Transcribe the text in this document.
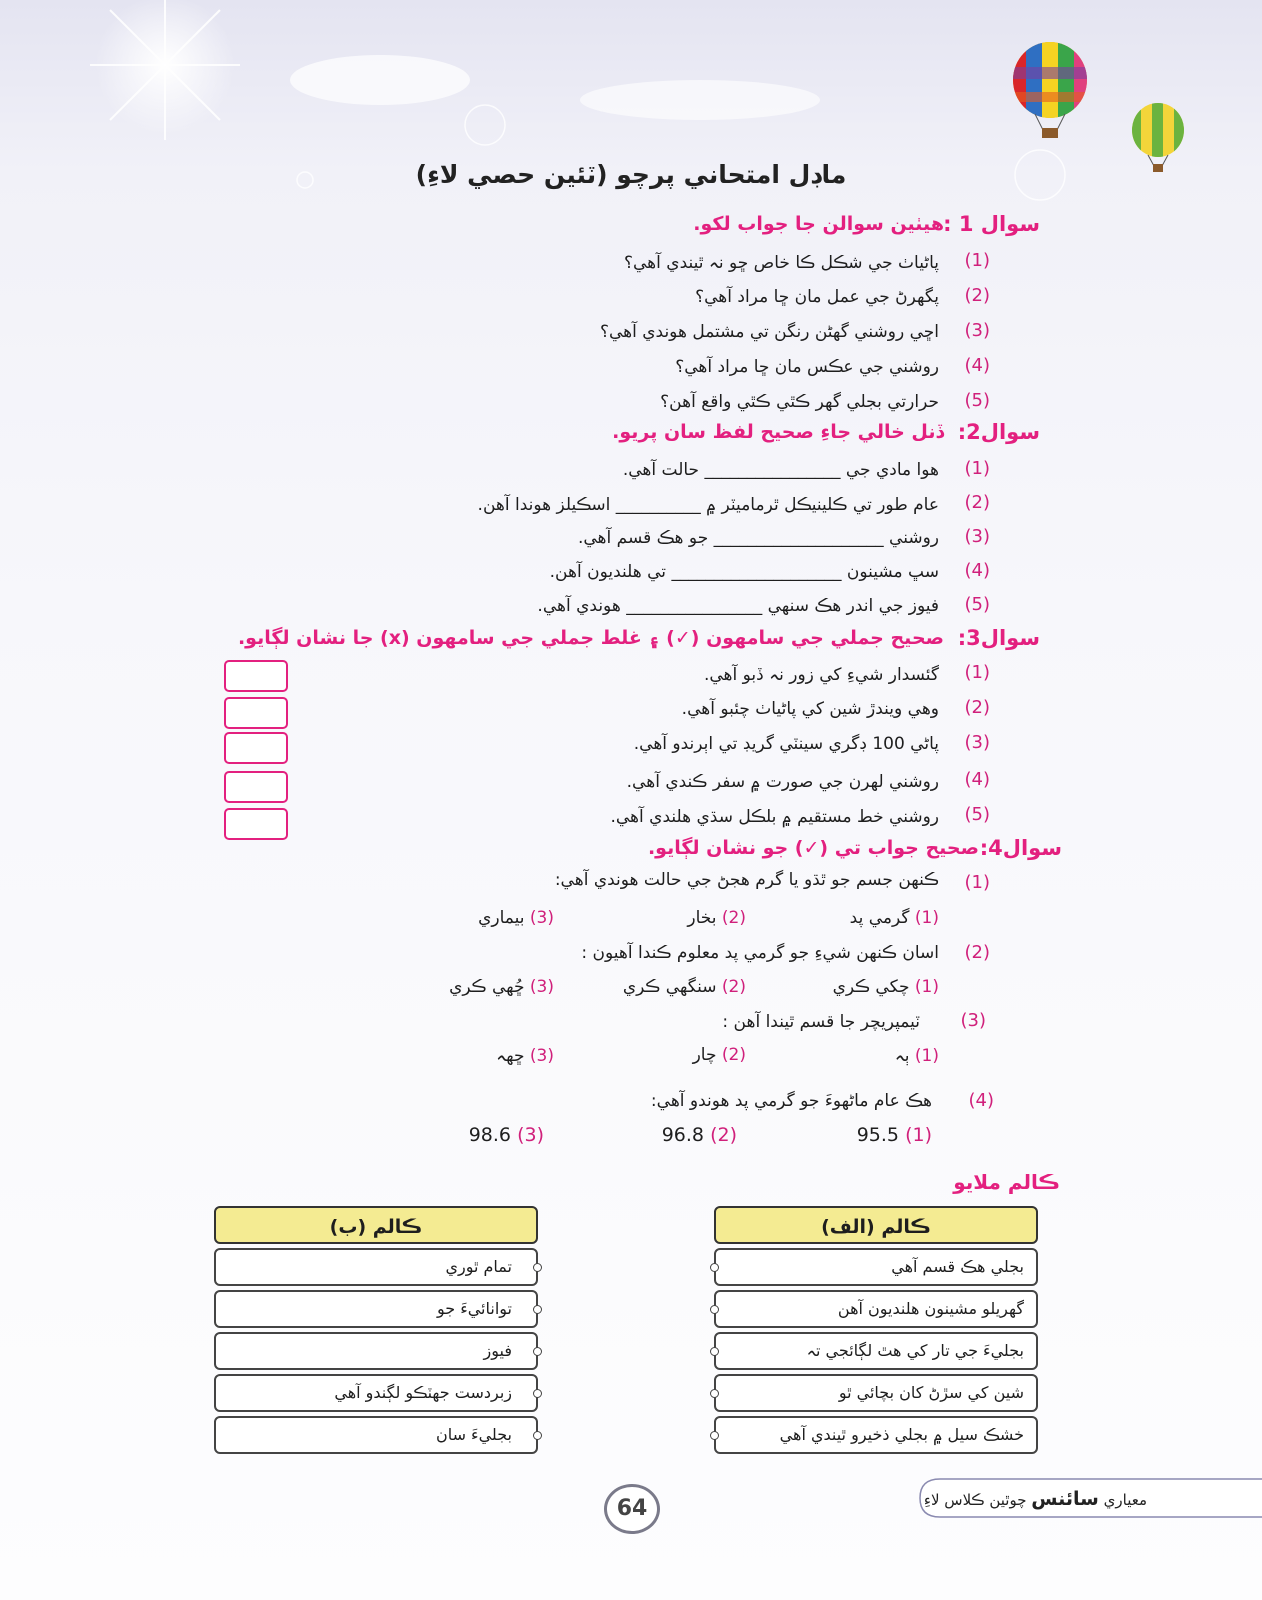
ماڊل امتحاني پرچو (ٽئين حصي لاءِ)
سوال 1 :
هيٺين سوالن جا جواب لکو.
(1)
پاڻياٺ جي شڪل ڪا خاص ڇو نہ ٿيندي آهي؟
(2)
پگهرڻ جي عمل مان ڇا مراد آهي؟
(3)
اڇي روشني گهڻن رنگن تي مشتمل هوندي آهي؟
(4)
روشني جي عڪس مان ڇا مراد آهي؟
(5)
حرارتي بجلي گهر ڪٿي ڪٿي واقع آهن؟
سوال2:
ڏنل خالي جاءِ صحيح لفظ سان پريو.
(1)
هوا مادي جي ________________ حالت آهي.
(2)
عام طور تي ڪلينيڪل ٿرماميٽر ۾ __________ اسڪيلز هوندا آهن.
(3)
روشني ____________________ جو هڪ قسم آهي.
(4)
سڀ مشينون ____________________ تي هلنديون آهن.
(5)
فيوز جي اندر هڪ سنهي ________________ هوندي آهي.
سوال3:
صحيح جملي جي سامهون (✓) ۽ غلط جملي جي سامهون (x) جا نشان لڳايو.
(1)
گئسدار شيءِ کي زور نہ ڏبو آهي.
(2)
وهي ويندڙ شين کي پاڻياٺ چئبو آهي.
(3)
پاڻي 100 ڊگري سينٽي گريڊ تي اٻرندو آهي.
(4)
روشني لهرن جي صورت ۾ سفر ڪندي آهي.
(5)
روشني خط مستقيم ۾ بلڪل سڌي هلندي آهي.
سوال4:
صحيح جواب تي (✓) جو نشان لڳايو.
(1)
ڪنهن جسم جو ٿڌو يا گرم هجڻ جي حالت هوندي آهي:
(1) گرمي پد
(2) بخار
(3) بيماري
(2)
اسان ڪنهن شيءِ جو گرمي پد معلوم ڪندا آهيون :
(1) چکي ڪري
(2) سنگهي ڪري
(3) ڇُهي ڪري
(3)
ٽيمپريچر جا قسم ٿيندا آهن :
(1) ٻہ
(2) چار
(3) ڇهہ
(4)
هڪ عام ماڻهوءَ جو گرمي پد هوندو آهي:
(1) 95.5
(2) 96.8
(3) 98.6
ڪالم ملايو
ڪالم (الف)
ڪالم (ب)
بجلي هڪ قسم آهي
گهريلو مشينون هلنديون آهن
بجليءَ جي تار کي هٿ لڳائجي تہ
شين کي سڙڻ کان بچائي ٿو
خشڪ سيل ۾ بجلي ذخيرو ٿيندي آهي
تمام ٿوري
توانائيءَ جو
فيوز
زبردست جهٽڪو لڳندو آهي
بجليءَ سان
64	معياري سائنس چوٿين ڪلاس لاءِ
